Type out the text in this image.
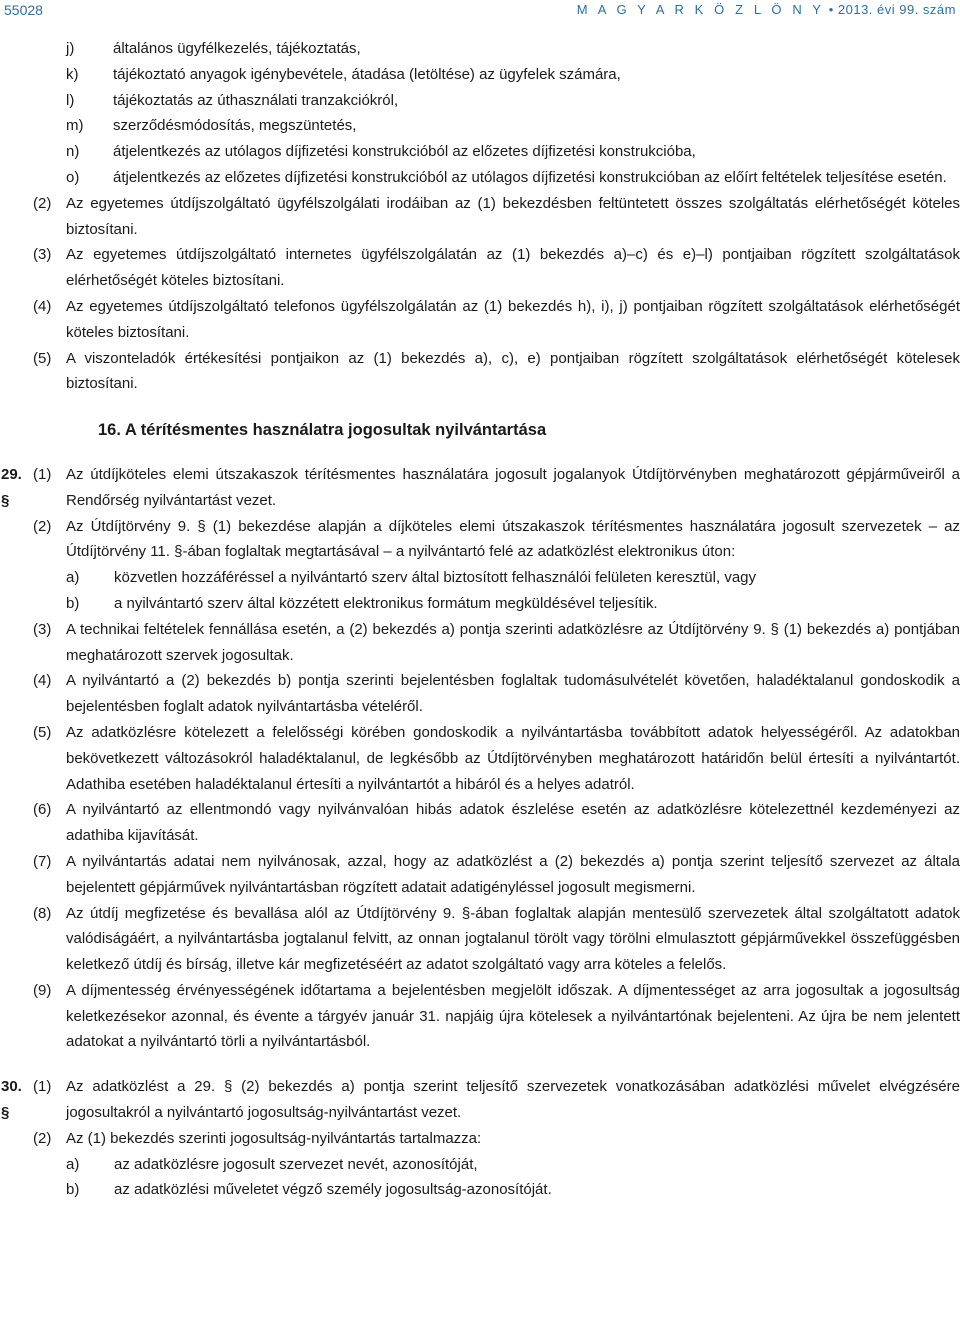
55028	M A G Y A R K Ö Z L Ö N Y • 2013. évi 99. szám
j)	általános ügyfélkezelés, tájékoztatás,
k)	tájékoztató anyagok igénybevétele, átadása (letöltése) az ügyfelek számára,
l)	tájékoztatás az úthasználati tranzakciókról,
m)	szerződésmódosítás, megszüntetés,
n)	átjelentkezés az utólagos díjfizetési konstrukcióból az előzetes díjfizetési konstrukcióba,
o)	átjelentkezés az előzetes díjfizetési konstrukcióból az utólagos díjfizetési konstrukcióban az előírt feltételek teljesítése esetén.
(2) Az egyetemes útdíjszolgáltató ügyfélszolgálati irodáiban az (1) bekezdésben feltüntetett összes szolgáltatás elérhetőségét köteles biztosítani.
(3) Az egyetemes útdíjszolgáltató internetes ügyfélszolgálatán az (1) bekezdés a)–c) és e)–l) pontjaiban rögzített szolgáltatások elérhetőségét köteles biztosítani.
(4) Az egyetemes útdíjszolgáltató telefonos ügyfélszolgálatán az (1) bekezdés h), i), j) pontjaiban rögzített szolgáltatások elérhetőségét köteles biztosítani.
(5) A viszonteladók értékesítési pontjaikon az (1) bekezdés a), c), e) pontjaiban rögzített szolgáltatások elérhetőségét kötelesek biztosítani.
16. A térítésmentes használatra jogosultak nyilvántartása
29. §
(1) Az útdíjköteles elemi útszakaszok térítésmentes használatára jogosult jogalanyok Útdíjtörvényben meghatározott gépjárműveiről a Rendőrség nyilvántartást vezet.
(2) Az Útdíjtörvény 9. § (1) bekezdése alapján a díjköteles elemi útszakaszok térítésmentes használatára jogosult szervezetek – az Útdíjtörvény 11. §-ában foglaltak megtartásával – a nyilvántartó felé az adatközlést elektronikus úton:
a)	közvetlen hozzáféréssel a nyilvántartó szerv által biztosított felhasználói felületen keresztül, vagy
b)	a nyilvántartó szerv által közzétett elektronikus formátum megküldésével teljesítik.
(3) A technikai feltételek fennállása esetén, a (2) bekezdés a) pontja szerinti adatközlésre az Útdíjtörvény 9. § (1) bekezdés a) pontjában meghatározott szervek jogosultak.
(4) A nyilvántartó a (2) bekezdés b) pontja szerinti bejelentésben foglaltak tudomásulvételét követően, haladéktalanul gondoskodik a bejelentésben foglalt adatok nyilvántartásba vételéről.
(5) Az adatközlésre kötelezett a felelősségi körében gondoskodik a nyilvántartásba továbbított adatok helyességéről. Az adatokban bekövetkezett változásokról haladéktalanul, de legkésőbb az Útdíjtörvényben meghatározott határidőn belül értesíti a nyilvántartót. Adathiba esetében haladéktalanul értesíti a nyilvántartót a hibáról és a helyes adatról.
(6) A nyilvántartó az ellentmondó vagy nyilvánvalóan hibás adatok észlelése esetén az adatközlésre kötelezettnél kezdeményezi az adathiba kijavítását.
(7) A nyilvántartás adatai nem nyilvánosak, azzal, hogy az adatközlést a (2) bekezdés a) pontja szerint teljesítő szervezet az általa bejelentett gépjárművek nyilvántartásban rögzített adatait adatigényléssel jogosult megismerni.
(8) Az útdíj megfizetése és bevallása alól az Útdíjtörvény 9. §-ában foglaltak alapján mentesülő szervezetek által szolgáltatott adatok valódiságáért, a nyilvántartásba jogtalanul felvitt, az onnan jogtalanul törölt vagy törölni elmulasztott gépjárművekkel összefüggésben keletkező útdíj és bírság, illetve kár megfizetéséért az adatot szolgáltató vagy arra köteles a felelős.
(9) A díjmentesség érvényességének időtartama a bejelentésben megjelölt időszak. A díjmentességet az arra jogosultak a jogosultság keletkezésekor azonnal, és évente a tárgyév január 31. napjáig újra kötelesek a nyilvántartónak bejelenteni. Az újra be nem jelentett adatokat a nyilvántartó törli a nyilvántartásból.
30. §
(1) Az adatközlést a 29. § (2) bekezdés a) pontja szerint teljesítő szervezetek vonatkozásában adatközlési művelet elvégzésére jogosultakról a nyilvántartó jogosultság-nyilvántartást vezet.
(2) Az (1) bekezdés szerinti jogosultság-nyilvántartás tartalmazza:
a)	az adatközlésre jogosult szervezet nevét, azonosítóját,
b)	az adatközlési műveletet végző személy jogosultság-azonosítóját.
